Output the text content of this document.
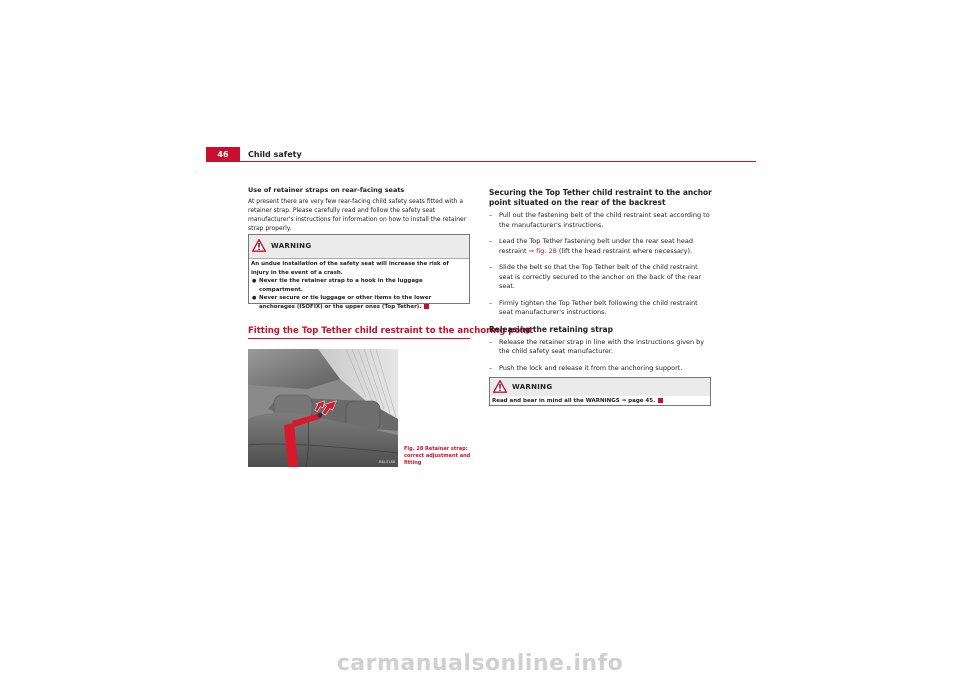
46	Child safety

Use of retainer straps on rear-facing seats

At present there are very few rear-facing child safety seats fitted with a retainer strap. Please carefully read and follow the safety seat manufacturer's instructions for information on how to install the retainer strap properly.

WARNING

An undue installation of the safety seat will increase the risk of injury in the event of a crash.

● Never tie the retainer strap to a hook in the luggage compartment.

● Never secure or tie luggage or other items to the lower anchorages (ISOFIX) or the upper ones (Top Tether).

Fitting the Top Tether child restraint to the anchoring point
B6J-0188
Fig. 28 Retainer strap: correct adjustment and fitting

Securing the Top Tether child restraint to the anchor point situated on the rear of the backrest

– Pull out the fastening belt of the child restraint seat according to the manufacturer's instructions.
– Lead the Top Tether fastening belt under the rear seat head restraint ⇒ fig. 28 (lift the head restraint where necessary).
– Slide the belt so that the Top Tether belt of the child restraint seat is correctly secured to the anchor on the back of the rear seat.
– Firmly tighten the Top Tether belt following the child restraint seat manufacturer's instructions.

Releasing the retaining strap

– Release the retainer strap in line with the instructions given by the child safety seat manufacturer.
– Push the lock and release it from the anchoring support.
WARNING

Read and bear in mind all the WARNINGS ⇒ page 45.

carmanualsonline.info
